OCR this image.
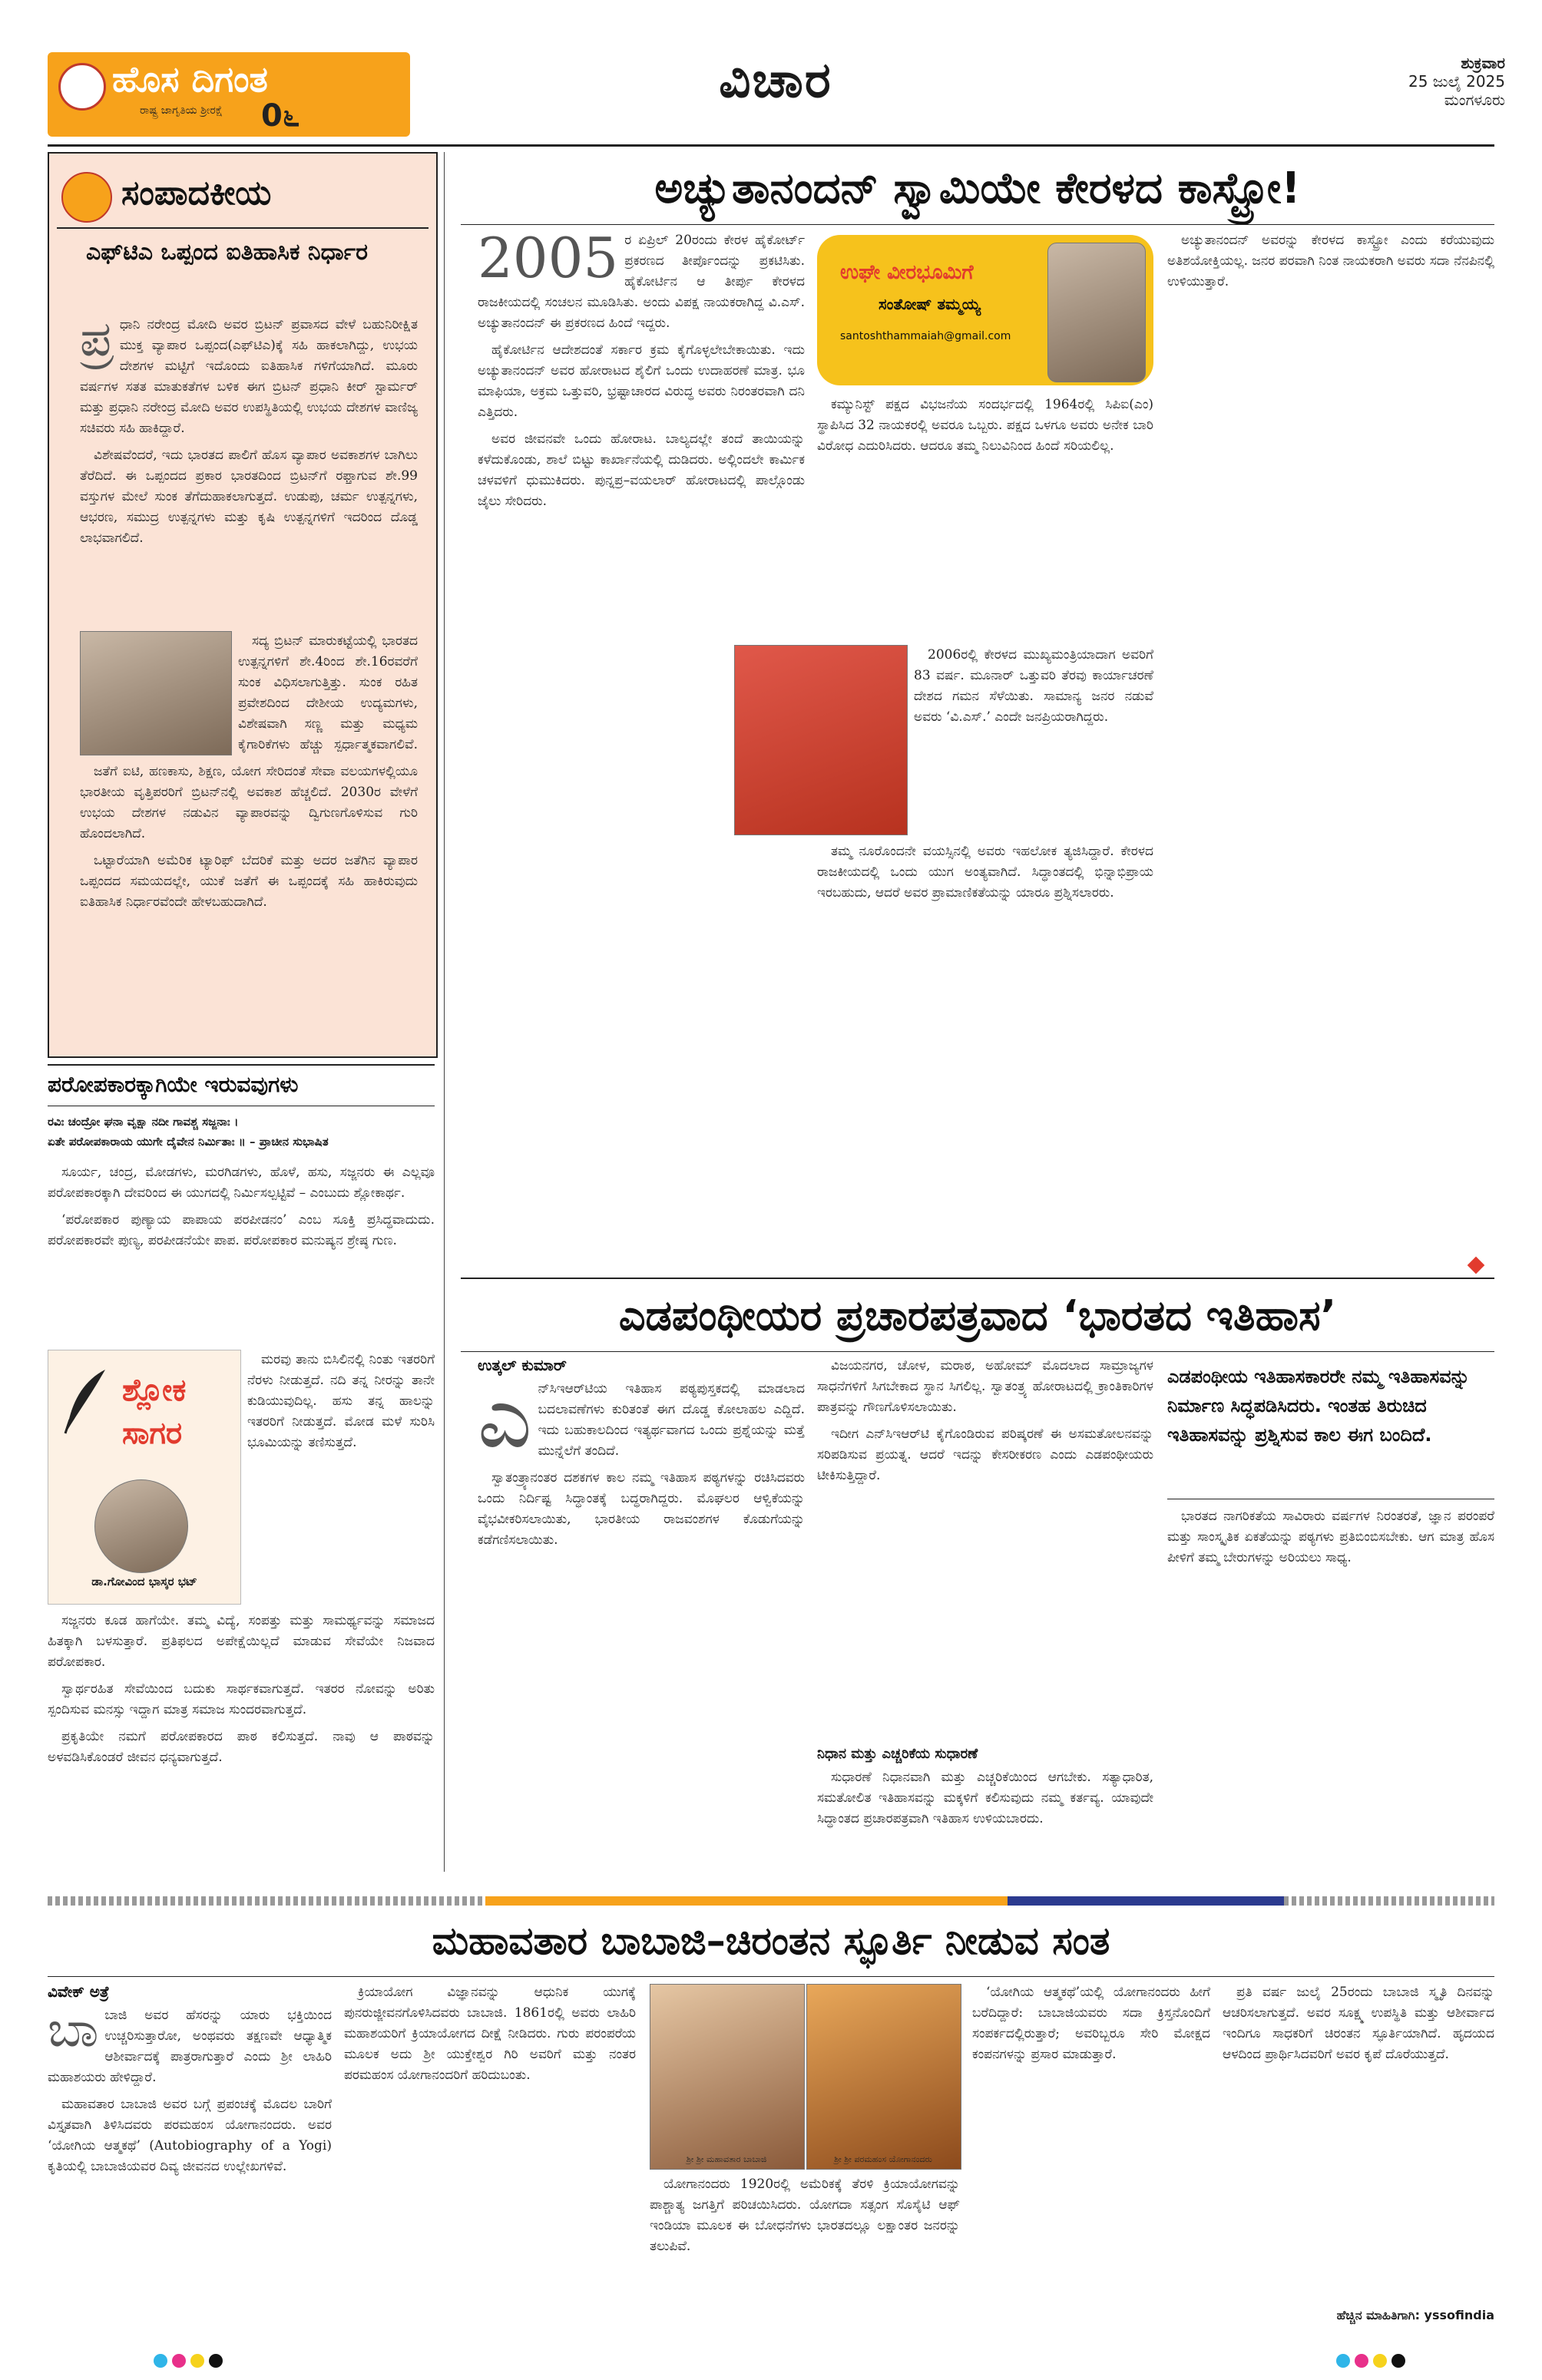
ಹೊಸ ದಿಗಂತ
ರಾಷ್ಟ್ರ ಜಾಗೃತಿಯ ಶ್ರೀರಕ್ಷೆ	0೬
ವಿಚಾರ	ಶುಕ್ರವಾರ
25 ಜುಲೈ 2025
ಮಂಗಳೂರು
ಸಂಪಾದಕೀಯ
ಎಫ್‌ಟಿಎ ಒಪ್ಪಂದ ಐತಿಹಾಸಿಕ ನಿರ್ಧಾರ
ಪ್ರ ಧಾನಿ ನರೇಂದ್ರ ಮೋದಿ ಅವರ ಬ್ರಿಟನ್ ಪ್ರವಾಸದ ವೇಳೆ ಬಹುನಿರೀಕ್ಷಿತ ಮುಕ್ತ ವ್ಯಾಪಾರ ಒಪ್ಪಂದ(ಎಫ್‌ಟಿಎ)ಕ್ಕೆ ಸಹಿ ಹಾಕಲಾಗಿದ್ದು, ಉಭಯ ದೇಶಗಳ ಮಟ್ಟಿಗೆ ಇದೊಂದು ಐತಿಹಾಸಿಕ ಗಳಿಗೆಯಾಗಿದೆ. ಮೂರು ವರ್ಷಗಳ ಸತತ ಮಾತುಕತೆಗಳ ಬಳಿಕ ಈಗ ಬ್ರಿಟನ್ ಪ್ರಧಾನಿ ಕೀರ್ ಸ್ಟಾರ್ಮರ್ ಮತ್ತು ಪ್ರಧಾನಿ ನರೇಂದ್ರ ಮೋದಿ ಅವರ ಉಪಸ್ಥಿತಿಯಲ್ಲಿ ಉಭಯ ದೇಶಗಳ ವಾಣಿಜ್ಯ ಸಚಿವರು ಸಹಿ ಹಾಕಿದ್ದಾರೆ.

ವಿಶೇಷವೆಂದರೆ, ಇದು ಭಾರತದ ಪಾಲಿಗೆ ಹೊಸ ವ್ಯಾಪಾರ ಅವಕಾಶಗಳ ಬಾಗಿಲು ತೆರೆದಿದೆ. ಈ ಒಪ್ಪಂದದ ಪ್ರಕಾರ ಭಾರತದಿಂದ ಬ್ರಿಟನ್‌ಗೆ ರಫ್ತಾಗುವ ಶೇ.99 ವಸ್ತುಗಳ ಮೇಲೆ ಸುಂಕ ತೆಗೆದುಹಾಕಲಾಗುತ್ತದೆ. ಉಡುಪು, ಚರ್ಮ ಉತ್ಪನ್ನಗಳು, ಆಭರಣ, ಸಮುದ್ರ ಉತ್ಪನ್ನಗಳು ಮತ್ತು ಕೃಷಿ ಉತ್ಪನ್ನಗಳಿಗೆ ಇದರಿಂದ ದೊಡ್ಡ ಲಾಭವಾಗಲಿದೆ.

ಸದ್ಯ ಬ್ರಿಟನ್ ಮಾರುಕಟ್ಟೆಯಲ್ಲಿ ಭಾರತದ ಉತ್ಪನ್ನಗಳಿಗೆ ಶೇ.4ರಿಂದ ಶೇ.16ರವರೆಗೆ ಸುಂಕ ವಿಧಿಸಲಾಗುತ್ತಿತ್ತು. ಸುಂಕ ರಹಿತ ಪ್ರವೇಶದಿಂದ ದೇಶೀಯ ಉದ್ಯಮಗಳು, ವಿಶೇಷವಾಗಿ ಸಣ್ಣ ಮತ್ತು ಮಧ್ಯಮ ಕೈಗಾರಿಕೆಗಳು ಹೆಚ್ಚು ಸ್ಪರ್ಧಾತ್ಮಕವಾಗಲಿವೆ.

ಜತೆಗೆ ಐಟಿ, ಹಣಕಾಸು, ಶಿಕ್ಷಣ, ಯೋಗ ಸೇರಿದಂತೆ ಸೇವಾ ವಲಯಗಳಲ್ಲಿಯೂ ಭಾರತೀಯ ವೃತ್ತಿಪರರಿಗೆ ಬ್ರಿಟನ್‌ನಲ್ಲಿ ಅವಕಾಶ ಹೆಚ್ಚಲಿದೆ. 2030ರ ವೇಳೆಗೆ ಉಭಯ ದೇಶಗಳ ನಡುವಿನ ವ್ಯಾಪಾರವನ್ನು ದ್ವಿಗುಣಗೊಳಿಸುವ ಗುರಿ ಹೊಂದಲಾಗಿದೆ.

ಒಟ್ಟಾರೆಯಾಗಿ ಅಮೆರಿಕ ಟ್ಯಾರಿಫ್ ಬೆದರಿಕೆ ಮತ್ತು ಅದರ ಜತೆಗಿನ ವ್ಯಾಪಾರ ಒಪ್ಪಂದದ ಸಮಯದಲ್ಲೇ, ಯುಕೆ ಜತೆಗೆ ಈ ಒಪ್ಪಂದಕ್ಕೆ ಸಹಿ ಹಾಕಿರುವುದು ಐತಿಹಾಸಿಕ ನಿರ್ಧಾರವೆಂದೇ ಹೇಳಬಹುದಾಗಿದೆ.

ಪರೋಪಕಾರಕ್ಕಾಗಿಯೇ ಇರುವವುಗಳು
ರವಿಃ ಚಂದ್ರೋ ಘನಾ ವೃಕ್ಷಾ ನದೀ ಗಾವಶ್ಚ ಸಜ್ಜನಾಃ ।
ಏತೇ ಪರೋಪಕಾರಾಯ ಯುಗೇ ದೈವೇನ ನಿರ್ಮಿತಾಃ ॥ – ಪ್ರಾಚೀನ ಸುಭಾಷಿತ

ಸೂರ್ಯ, ಚಂದ್ರ, ಮೋಡಗಳು, ಮರಗಿಡಗಳು, ಹೊಳೆ, ಹಸು, ಸಜ್ಜನರು ಈ ಎಲ್ಲವೂ ಪರೋಪಕಾರಕ್ಕಾಗಿ ದೇವರಿಂದ ಈ ಯುಗದಲ್ಲಿ ನಿರ್ಮಿಸಲ್ಪಟ್ಟಿವೆ – ಎಂಬುದು ಶ್ಲೋಕಾರ್ಥ.

‘ಪರೋಪಕಾರ ಪುಣ್ಯಾಯ ಪಾಪಾಯ ಪರಪೀಡನಂ’ ಎಂಬ ಸೂಕ್ತಿ ಪ್ರಸಿದ್ಧವಾದುದು. ಪರೋಪಕಾರವೇ ಪುಣ್ಯ, ಪರಪೀಡನೆಯೇ ಪಾಪ. ಪರೋಪಕಾರ ಮನುಷ್ಯನ ಶ್ರೇಷ್ಠ ಗುಣ.

ಶ್ಲೋಕ ಸಾಗರ
ಡಾ.ಗೋವಿಂದ ಭಾಸ್ಕರ ಭಟ್

ಮರವು ತಾನು ಬಿಸಿಲಿನಲ್ಲಿ ನಿಂತು ಇತರರಿಗೆ ನೆರಳು ನೀಡುತ್ತದೆ. ನದಿ ತನ್ನ ನೀರನ್ನು ತಾನೇ ಕುಡಿಯುವುದಿಲ್ಲ. ಹಸು ತನ್ನ ಹಾಲನ್ನು ಇತರರಿಗೆ ನೀಡುತ್ತದೆ. ಮೋಡ ಮಳೆ ಸುರಿಸಿ ಭೂಮಿಯನ್ನು ತಣಿಸುತ್ತದೆ.

ಸಜ್ಜನರು ಕೂಡ ಹಾಗೆಯೇ. ತಮ್ಮ ವಿದ್ಯೆ, ಸಂಪತ್ತು ಮತ್ತು ಸಾಮರ್ಥ್ಯವನ್ನು ಸಮಾಜದ ಹಿತಕ್ಕಾಗಿ ಬಳಸುತ್ತಾರೆ. ಪ್ರತಿಫಲದ ಅಪೇಕ್ಷೆಯಿಲ್ಲದೆ ಮಾಡುವ ಸೇವೆಯೇ ನಿಜವಾದ ಪರೋಪಕಾರ.

ಸ್ವಾರ್ಥರಹಿತ ಸೇವೆಯಿಂದ ಬದುಕು ಸಾರ್ಥಕವಾಗುತ್ತದೆ. ಇತರರ ನೋವನ್ನು ಅರಿತು ಸ್ಪಂದಿಸುವ ಮನಸ್ಸು ಇದ್ದಾಗ ಮಾತ್ರ ಸಮಾಜ ಸುಂದರವಾಗುತ್ತದೆ.

ಪ್ರಕೃತಿಯೇ ನಮಗೆ ಪರೋಪಕಾರದ ಪಾಠ ಕಲಿಸುತ್ತದೆ. ನಾವು ಆ ಪಾಠವನ್ನು ಅಳವಡಿಸಿಕೊಂಡರೆ ಜೀವನ ಧನ್ಯವಾಗುತ್ತದೆ.

ಅಚ್ಯುತಾನಂದನ್ ಸ್ವಾಮಿಯೇ ಕೇರಳದ ಕಾಸ್ಟ್ರೋ!
2005 ರ ಏಪ್ರಿಲ್ 20ರಂದು ಕೇರಳ ಹೈಕೋರ್ಟ್ ಪ್ರಕರಣದ ತೀರ್ಪೊಂದನ್ನು ಪ್ರಕಟಿಸಿತು. ಹೈಕೋರ್ಟಿನ ಆ ತೀರ್ಪು ಕೇರಳದ ರಾಜಕೀಯದಲ್ಲಿ ಸಂಚಲನ ಮೂಡಿಸಿತು. ಅಂದು ವಿಪಕ್ಷ ನಾಯಕರಾಗಿದ್ದ ವಿ.ಎಸ್. ಅಚ್ಯುತಾನಂದನ್ ಈ ಪ್ರಕರಣದ ಹಿಂದೆ ಇದ್ದರು.

ಹೈಕೋರ್ಟಿನ ಆದೇಶದಂತೆ ಸರ್ಕಾರ ಕ್ರಮ ಕೈಗೊಳ್ಳಲೇಬೇಕಾಯಿತು. ಇದು ಅಚ್ಯುತಾನಂದನ್ ಅವರ ಹೋರಾಟದ ಶೈಲಿಗೆ ಒಂದು ಉದಾಹರಣೆ ಮಾತ್ರ. ಭೂ ಮಾಫಿಯಾ, ಅಕ್ರಮ ಒತ್ತುವರಿ, ಭ್ರಷ್ಟಾಚಾರದ ವಿರುದ್ಧ ಅವರು ನಿರಂತರವಾಗಿ ದನಿ ಎತ್ತಿದರು.

ಅವರ ಜೀವನವೇ ಒಂದು ಹೋರಾಟ. ಬಾಲ್ಯದಲ್ಲೇ ತಂದೆ ತಾಯಿಯನ್ನು ಕಳೆದುಕೊಂಡು, ಶಾಲೆ ಬಿಟ್ಟು ಕಾರ್ಖಾನೆಯಲ್ಲಿ ದುಡಿದರು. ಅಲ್ಲಿಂದಲೇ ಕಾರ್ಮಿಕ ಚಳವಳಿಗೆ ಧುಮುಕಿದರು. ಪುನ್ನಪ್ರ–ವಯಲಾರ್ ಹೋರಾಟದಲ್ಲಿ ಪಾಲ್ಗೊಂಡು ಜೈಲು ಸೇರಿದರು.

ಉಘೇ ವೀರಭೂಮಿಗೆ
ಸಂತೋಷ್ ತಮ್ಮಯ್ಯ
santoshthammaiah@gmail.com

ಕಮ್ಯುನಿಸ್ಟ್ ಪಕ್ಷದ ವಿಭಜನೆಯ ಸಂದರ್ಭದಲ್ಲಿ 1964ರಲ್ಲಿ ಸಿಪಿಐ(ಎಂ) ಸ್ಥಾಪಿಸಿದ 32 ನಾಯಕರಲ್ಲಿ ಅವರೂ ಒಬ್ಬರು. ಪಕ್ಷದ ಒಳಗೂ ಅವರು ಅನೇಕ ಬಾರಿ ವಿರೋಧ ಎದುರಿಸಿದರು. ಆದರೂ ತಮ್ಮ ನಿಲುವಿನಿಂದ ಹಿಂದೆ ಸರಿಯಲಿಲ್ಲ.

2006ರಲ್ಲಿ ಕೇರಳದ ಮುಖ್ಯಮಂತ್ರಿಯಾದಾಗ ಅವರಿಗೆ 83 ವರ್ಷ. ಮೂನಾರ್ ಒತ್ತುವರಿ ತೆರವು ಕಾರ್ಯಾಚರಣೆ ದೇಶದ ಗಮನ ಸೆಳೆಯಿತು. ಸಾಮಾನ್ಯ ಜನರ ನಡುವೆ ಅವರು ‘ವಿ.ಎಸ್.’ ಎಂದೇ ಜನಪ್ರಿಯರಾಗಿದ್ದರು.

ತಮ್ಮ ನೂರೊಂದನೇ ವಯಸ್ಸಿನಲ್ಲಿ ಅವರು ಇಹಲೋಕ ತ್ಯಜಿಸಿದ್ದಾರೆ. ಕೇರಳದ ರಾಜಕೀಯದಲ್ಲಿ ಒಂದು ಯುಗ ಅಂತ್ಯವಾಗಿದೆ. ಸಿದ್ಧಾಂತದಲ್ಲಿ ಭಿನ್ನಾಭಿಪ್ರಾಯ ಇರಬಹುದು, ಆದರೆ ಅವರ ಪ್ರಾಮಾಣಿಕತೆಯನ್ನು ಯಾರೂ ಪ್ರಶ್ನಿಸಲಾರರು.

ಅಚ್ಯುತಾನಂದನ್ ಅವರನ್ನು ಕೇರಳದ ಕಾಸ್ಟ್ರೋ ಎಂದು ಕರೆಯುವುದು ಅತಿಶಯೋಕ್ತಿಯಲ್ಲ. ಜನರ ಪರವಾಗಿ ನಿಂತ ನಾಯಕರಾಗಿ ಅವರು ಸದಾ ನೆನಪಿನಲ್ಲಿ ಉಳಿಯುತ್ತಾರೆ.

ಎಡಪಂಥೀಯರ ಪ್ರಚಾರಪತ್ರವಾದ ‘ಭಾರತದ ಇತಿಹಾಸ’
ಉತ್ಕಲ್ ಕುಮಾರ್
ಎ ನ್‌ಸಿಇಆರ್‌ಟಿಯ ಇತಿಹಾಸ ಪಠ್ಯಪುಸ್ತಕದಲ್ಲಿ ಮಾಡಲಾದ ಬದಲಾವಣೆಗಳು ಕುರಿತಂತೆ ಈಗ ದೊಡ್ಡ ಕೋಲಾಹಲ ಎದ್ದಿದೆ. ಇದು ಬಹುಕಾಲದಿಂದ ಇತ್ಯರ್ಥವಾಗದ ಒಂದು ಪ್ರಶ್ನೆಯನ್ನು ಮತ್ತೆ ಮುನ್ನೆಲೆಗೆ ತಂದಿದೆ.

ಸ್ವಾತಂತ್ರ್ಯಾನಂತರ ದಶಕಗಳ ಕಾಲ ನಮ್ಮ ಇತಿಹಾಸ ಪಠ್ಯಗಳನ್ನು ರಚಿಸಿದವರು ಒಂದು ನಿರ್ದಿಷ್ಟ ಸಿದ್ಧಾಂತಕ್ಕೆ ಬದ್ಧರಾಗಿದ್ದರು. ಮೊಘಲರ ಆಳ್ವಿಕೆಯನ್ನು ವೈಭವೀಕರಿಸಲಾಯಿತು, ಭಾರತೀಯ ರಾಜವಂಶಗಳ ಕೊಡುಗೆಯನ್ನು ಕಡೆಗಣಿಸಲಾಯಿತು.

ವಿಜಯನಗರ, ಚೋಳ, ಮರಾಠ, ಅಹೋಮ್ ಮೊದಲಾದ ಸಾಮ್ರಾಜ್ಯಗಳ ಸಾಧನೆಗಳಿಗೆ ಸಿಗಬೇಕಾದ ಸ್ಥಾನ ಸಿಗಲಿಲ್ಲ. ಸ್ವಾತಂತ್ರ್ಯ ಹೋರಾಟದಲ್ಲಿ ಕ್ರಾಂತಿಕಾರಿಗಳ ಪಾತ್ರವನ್ನು ಗೌಣಗೊಳಿಸಲಾಯಿತು.

ಇದೀಗ ಎನ್‌ಸಿಇಆರ್‌ಟಿ ಕೈಗೊಂಡಿರುವ ಪರಿಷ್ಕರಣೆ ಈ ಅಸಮತೋಲನವನ್ನು ಸರಿಪಡಿಸುವ ಪ್ರಯತ್ನ. ಆದರೆ ಇದನ್ನು ಕೇಸರೀಕರಣ ಎಂದು ಎಡಪಂಥೀಯರು ಟೀಕಿಸುತ್ತಿದ್ದಾರೆ.

ನಿಧಾನ ಮತ್ತು ಎಚ್ಚರಿಕೆಯ ಸುಧಾರಣೆ

ಸುಧಾರಣೆ ನಿಧಾನವಾಗಿ ಮತ್ತು ಎಚ್ಚರಿಕೆಯಿಂದ ಆಗಬೇಕು. ಸತ್ಯಾಧಾರಿತ, ಸಮತೋಲಿತ ಇತಿಹಾಸವನ್ನು ಮಕ್ಕಳಿಗೆ ಕಲಿಸುವುದು ನಮ್ಮ ಕರ್ತವ್ಯ. ಯಾವುದೇ ಸಿದ್ಧಾಂತದ ಪ್ರಚಾರಪತ್ರವಾಗಿ ಇತಿಹಾಸ ಉಳಿಯಬಾರದು.

ಎಡಪಂಥೀಯ ಇತಿಹಾಸಕಾರರೇ ನಮ್ಮ ಇತಿಹಾಸವನ್ನು ನಿರ್ಮಾಣ ಸಿದ್ಧಪಡಿಸಿದರು. ಇಂತಹ ತಿರುಚಿದ ಇತಿಹಾಸವನ್ನು ಪ್ರಶ್ನಿಸುವ ಕಾಲ ಈಗ ಬಂದಿದೆ.

ಭಾರತದ ನಾಗರಿಕತೆಯ ಸಾವಿರಾರು ವರ್ಷಗಳ ನಿರಂತರತೆ, ಜ್ಞಾನ ಪರಂಪರೆ ಮತ್ತು ಸಾಂಸ್ಕೃತಿಕ ಏಕತೆಯನ್ನು ಪಠ್ಯಗಳು ಪ್ರತಿಬಿಂಬಿಸಬೇಕು. ಆಗ ಮಾತ್ರ ಹೊಸ ಪೀಳಿಗೆ ತಮ್ಮ ಬೇರುಗಳನ್ನು ಅರಿಯಲು ಸಾಧ್ಯ.

ಮಹಾವತಾರ ಬಾಬಾಜಿ–ಚಿರಂತನ ಸ್ಫೂರ್ತಿ ನೀಡುವ ಸಂತ
ವಿವೇಕ್ ಅತ್ರೆ
ಬಾ ಬಾಜಿ ಅವರ ಹೆಸರನ್ನು ಯಾರು ಭಕ್ತಿಯಿಂದ ಉಚ್ಚರಿಸುತ್ತಾರೋ, ಅಂಥವರು ತಕ್ಷಣವೇ ಆಧ್ಯಾತ್ಮಿಕ ಆಶೀರ್ವಾದಕ್ಕೆ ಪಾತ್ರರಾಗುತ್ತಾರೆ ಎಂದು ಶ್ರೀ ಲಾಹಿರಿ ಮಹಾಶಯರು ಹೇಳಿದ್ದಾರೆ.

ಮಹಾವತಾರ ಬಾಬಾಜಿ ಅವರ ಬಗ್ಗೆ ಪ್ರಪಂಚಕ್ಕೆ ಮೊದಲ ಬಾರಿಗೆ ವಿಸ್ತೃತವಾಗಿ ತಿಳಿಸಿದವರು ಪರಮಹಂಸ ಯೋಗಾನಂದರು. ಅವರ ‘ಯೋಗಿಯ ಆತ್ಮಕಥೆ’ (Autobiography of a Yogi) ಕೃತಿಯಲ್ಲಿ ಬಾಬಾಜಿಯವರ ದಿವ್ಯ ಜೀವನದ ಉಲ್ಲೇಖಗಳಿವೆ.

ಕ್ರಿಯಾಯೋಗ ವಿಜ್ಞಾನವನ್ನು ಆಧುನಿಕ ಯುಗಕ್ಕೆ ಪುನರುಜ್ಜೀವನಗೊಳಿಸಿದವರು ಬಾಬಾಜಿ. 1861ರಲ್ಲಿ ಅವರು ಲಾಹಿರಿ ಮಹಾಶಯರಿಗೆ ಕ್ರಿಯಾಯೋಗದ ದೀಕ್ಷೆ ನೀಡಿದರು. ಗುರು ಪರಂಪರೆಯ ಮೂಲಕ ಅದು ಶ್ರೀ ಯುಕ್ತೇಶ್ವರ ಗಿರಿ ಅವರಿಗೆ ಮತ್ತು ನಂತರ ಪರಮಹಂಸ ಯೋಗಾನಂದರಿಗೆ ಹರಿದುಬಂತು.

ಶ್ರೀ ಶ್ರೀ ಮಹಾವತಾರ ಬಾಬಾಜಿ	ಶ್ರೀ ಶ್ರೀ ಪರಮಹಂಸ ಯೋಗಾನಂದರು

ಯೋಗಾನಂದರು 1920ರಲ್ಲಿ ಅಮೆರಿಕಕ್ಕೆ ತೆರಳಿ ಕ್ರಿಯಾಯೋಗವನ್ನು ಪಾಶ್ಚಾತ್ಯ ಜಗತ್ತಿಗೆ ಪರಿಚಯಿಸಿದರು. ಯೋಗದಾ ಸತ್ಸಂಗ ಸೊಸೈಟಿ ಆಫ್ ಇಂಡಿಯಾ ಮೂಲಕ ಈ ಬೋಧನೆಗಳು ಭಾರತದಲ್ಲೂ ಲಕ್ಷಾಂತರ ಜನರನ್ನು ತಲುಪಿವೆ.

‘ಯೋಗಿಯ ಆತ್ಮಕಥೆ’ಯಲ್ಲಿ ಯೋಗಾನಂದರು ಹೀಗೆ ಬರೆದಿದ್ದಾರೆ: ಬಾಬಾಜಿಯವರು ಸದಾ ಕ್ರಿಸ್ತನೊಂದಿಗೆ ಸಂಪರ್ಕದಲ್ಲಿರುತ್ತಾರೆ; ಅವರಿಬ್ಬರೂ ಸೇರಿ ಮೋಕ್ಷದ ಕಂಪನಗಳನ್ನು ಪ್ರಸಾರ ಮಾಡುತ್ತಾರೆ.

ಪ್ರತಿ ವರ್ಷ ಜುಲೈ 25ರಂದು ಬಾಬಾಜಿ ಸ್ಮೃತಿ ದಿನವನ್ನು ಆಚರಿಸಲಾಗುತ್ತದೆ. ಅವರ ಸೂಕ್ಷ್ಮ ಉಪಸ್ಥಿತಿ ಮತ್ತು ಆಶೀರ್ವಾದ ಇಂದಿಗೂ ಸಾಧಕರಿಗೆ ಚಿರಂತನ ಸ್ಫೂರ್ತಿಯಾಗಿದೆ. ಹೃದಯದ ಆಳದಿಂದ ಪ್ರಾರ್ಥಿಸಿದವರಿಗೆ ಅವರ ಕೃಪೆ ದೊರೆಯುತ್ತದೆ.

ಹೆಚ್ಚಿನ ಮಾಹಿತಿಗಾಗಿ: yssofindia
